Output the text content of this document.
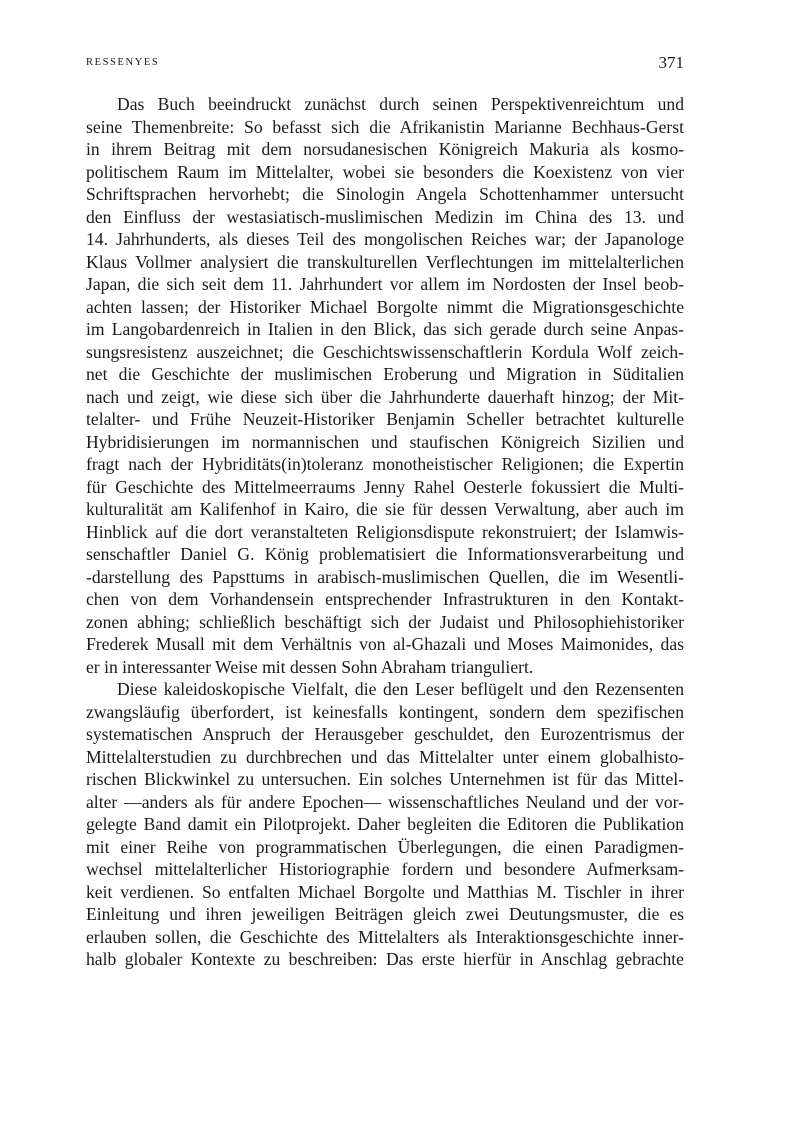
RESSENYES	371
Das Buch beeindruckt zunächst durch seinen Perspektivenreichtum und
seine Themenbreite: So befasst sich die Afrikanistin Marianne Bechhaus-Gerst
in ihrem Beitrag mit dem norsudanesischen Königreich Makuria als kosmo-
politischem Raum im Mittelalter, wobei sie besonders die Koexistenz von vier
Schriftsprachen hervorhebt; die Sinologin Angela Schottenhammer untersucht
den Einfluss der westasiatisch-muslimischen Medizin im China des 13. und
14. Jahrhunderts, als dieses Teil des mongolischen Reiches war; der Japanologe
Klaus Vollmer analysiert die transkulturellen Verflechtungen im mittelalterlichen
Japan, die sich seit dem 11. Jahrhundert vor allem im Nordosten der Insel beob-
achten lassen; der Historiker Michael Borgolte nimmt die Migrationsgeschichte
im Langobardenreich in Italien in den Blick, das sich gerade durch seine Anpas-
sungsresistenz auszeichnet; die Geschichtswissenschaftlerin Kordula Wolf zeich-
net die Geschichte der muslimischen Eroberung und Migration in Süditalien
nach und zeigt, wie diese sich über die Jahrhunderte dauerhaft hinzog; der Mit-
telalter- und Frühe Neuzeit-Historiker Benjamin Scheller betrachtet kulturelle
Hybridisierungen im normannischen und staufischen Königreich Sizilien und
fragt nach der Hybriditäts(in)toleranz monotheistischer Religionen; die Expertin
für Geschichte des Mittelmeerraums Jenny Rahel Oesterle fokussiert die Multi-
kulturalität am Kalifenhof in Kairo, die sie für dessen Verwaltung, aber auch im
Hinblick auf die dort veranstalteten Religionsdispute rekonstruiert; der Islamwis-
senschaftler Daniel G. König problematisiert die Informationsverarbeitung und
-darstellung des Papsttums in arabisch-muslimischen Quellen, die im Wesentli-
chen von dem Vorhandensein entsprechender Infrastrukturen in den Kontakt-
zonen abhing; schließlich beschäftigt sich der Judaist und Philosophiehistoriker
Frederek Musall mit dem Verhältnis von al-Ghazali und Moses Maimonides, das
er in interessanter Weise mit dessen Sohn Abraham trianguliert.
Diese kaleidoskopische Vielfalt, die den Leser beflügelt und den Rezensenten
zwangsläufig überfordert, ist keinesfalls kontingent, sondern dem spezifischen
systematischen Anspruch der Herausgeber geschuldet, den Eurozentrismus der
Mittelalterstudien zu durchbrechen und das Mittelalter unter einem globalhisto-
rischen Blickwinkel zu untersuchen. Ein solches Unternehmen ist für das Mittel-
alter —anders als für andere Epochen— wissenschaftliches Neuland und der vor-
gelegte Band damit ein Pilotprojekt. Daher begleiten die Editoren die Publikation
mit einer Reihe von programmatischen Überlegungen, die einen Paradigmen-
wechsel mittelalterlicher Historiographie fordern und besondere Aufmerksam-
keit verdienen. So entfalten Michael Borgolte und Matthias M. Tischler in ihrer
Einleitung und ihren jeweiligen Beiträgen gleich zwei Deutungsmuster, die es
erlauben sollen, die Geschichte des Mittelalters als Interaktionsgeschichte inner-
halb globaler Kontexte zu beschreiben: Das erste hierfür in Anschlag gebrachte
